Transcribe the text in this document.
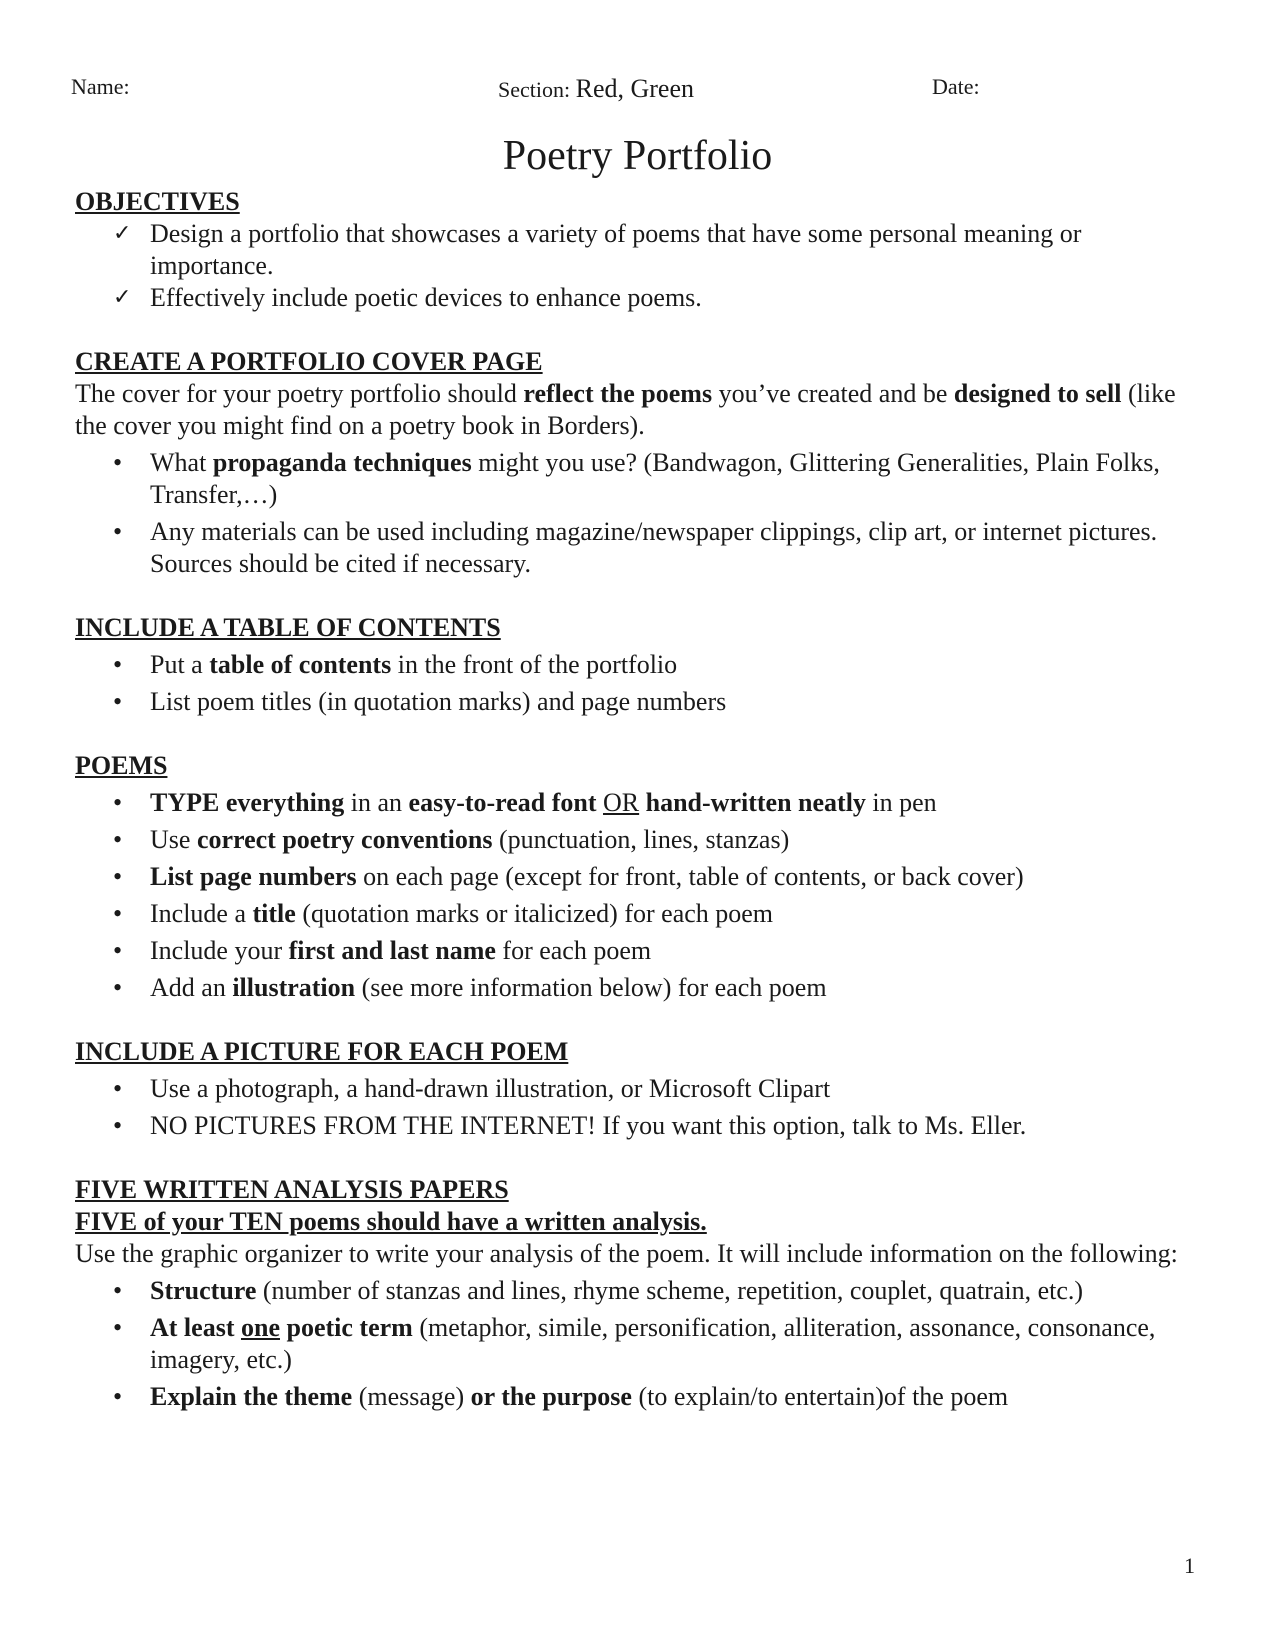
Name:	Section: Red, Green	Date:
Poetry Portfolio

OBJECTIVES

✓ Design a portfolio that showcases a variety of poems that have some personal meaning or importance.
✓ Effectively include poetic devices to enhance poems.

CREATE A PORTFOLIO COVER PAGE

The cover for your poetry portfolio should reflect the poems you’ve created and be designed to sell (like the cover you might find on a poetry book in Borders).

• What propaganda techniques might you use? (Bandwagon, Glittering Generalities, Plain Folks, Transfer,…)
• Any materials can be used including magazine/newspaper clippings, clip art, or internet pictures. Sources should be cited if necessary.

INCLUDE A TABLE OF CONTENTS

• Put a table of contents in the front of the portfolio
• List poem titles (in quotation marks) and page numbers

POEMS

• TYPE everything in an easy-to-read font OR hand-written neatly in pen
• Use correct poetry conventions (punctuation, lines, stanzas)
• List page numbers on each page (except for front, table of contents, or back cover)
• Include a title (quotation marks or italicized) for each poem
• Include your first and last name for each poem
• Add an illustration (see more information below) for each poem

INCLUDE A PICTURE FOR EACH POEM

• Use a photograph, a hand-drawn illustration, or Microsoft Clipart
• NO PICTURES FROM THE INTERNET! If you want this option, talk to Ms. Eller.

FIVE WRITTEN ANALYSIS PAPERS

FIVE of your TEN poems should have a written analysis.

Use the graphic organizer to write your analysis of the poem. It will include information on the following:

• Structure (number of stanzas and lines, rhyme scheme, repetition, couplet, quatrain, etc.)
• At least one poetic term (metaphor, simile, personification, alliteration, assonance, consonance, imagery, etc.)
• Explain the theme (message) or the purpose (to explain/to entertain)of the poem
1
